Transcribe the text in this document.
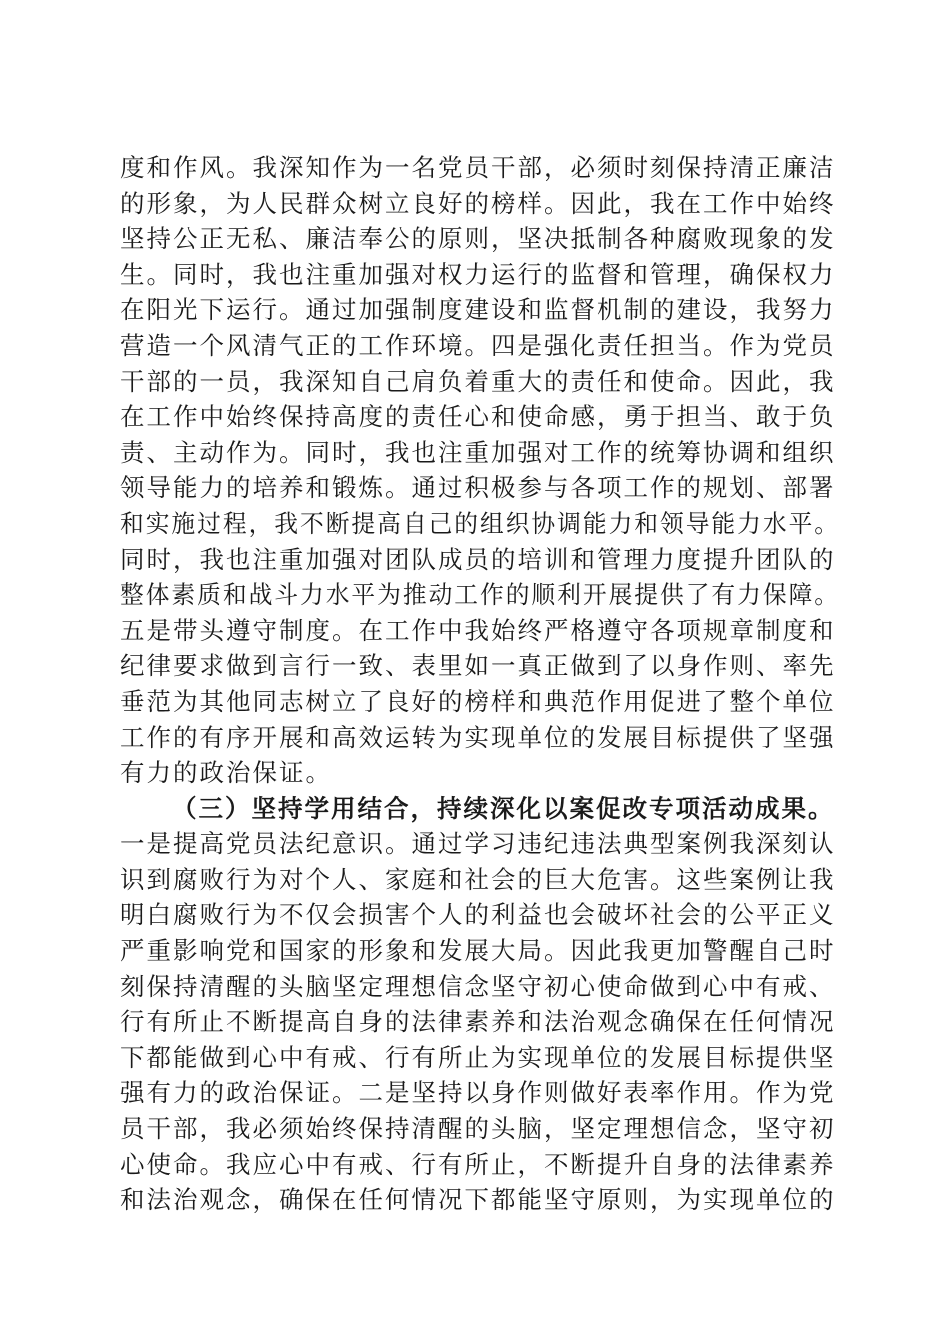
度和作风。我深知作为一名党员干部，必须时刻保持清正廉洁
的形象，为人民群众树立良好的榜样。因此，我在工作中始终
坚持公正无私、廉洁奉公的原则，坚决抵制各种腐败现象的发
生。同时，我也注重加强对权力运行的监督和管理，确保权力
在阳光下运行。通过加强制度建设和监督机制的建设，我努力
营造一个风清气正的工作环境。四是强化责任担当。作为党员
干部的一员，我深知自己肩负着重大的责任和使命。因此，我
在工作中始终保持高度的责任心和使命感，勇于担当、敢于负
责、主动作为。同时，我也注重加强对工作的统筹协调和组织
领导能力的培养和锻炼。通过积极参与各项工作的规划、部署
和实施过程，我不断提高自己的组织协调能力和领导能力水平。
同时，我也注重加强对团队成员的培训和管理力度提升团队的
整体素质和战斗力水平为推动工作的顺利开展提供了有力保障。
五是带头遵守制度。在工作中我始终严格遵守各项规章制度和
纪律要求做到言行一致、表里如一真正做到了以身作则、率先
垂范为其他同志树立了良好的榜样和典范作用促进了整个单位
工作的有序开展和高效运转为实现单位的发展目标提供了坚强
有力的政治保证。
（三）坚持学用结合，持续深化以案促改专项活动成果。
一是提高党员法纪意识。通过学习违纪违法典型案例我深刻认
识到腐败行为对个人、家庭和社会的巨大危害。这些案例让我
明白腐败行为不仅会损害个人的利益也会破坏社会的公平正义
严重影响党和国家的形象和发展大局。因此我更加警醒自己时
刻保持清醒的头脑坚定理想信念坚守初心使命做到心中有戒、
行有所止不断提高自身的法律素养和法治观念确保在任何情况
下都能做到心中有戒、行有所止为实现单位的发展目标提供坚
强有力的政治保证。二是坚持以身作则做好表率作用。作为党
员干部，我必须始终保持清醒的头脑，坚定理想信念，坚守初
心使命。我应心中有戒、行有所止，不断提升自身的法律素养
和法治观念，确保在任何情况下都能坚守原则，为实现单位的
